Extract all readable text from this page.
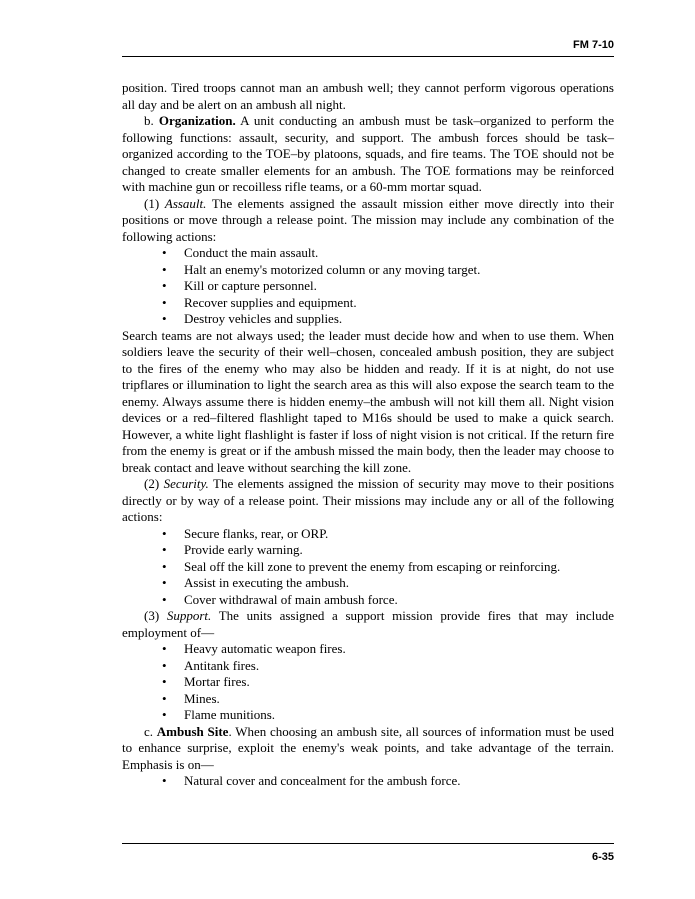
FM 7-10

position. Tired troops cannot man an ambush well; they cannot perform vigorous operations all day and be alert on an ambush all night.

b. Organization. A unit conducting an ambush must be task–organized to perform the following functions: assault, security, and support. The ambush forces should be task–organized according to the TOE–by platoons, squads, and fire teams. The TOE should not be changed to create smaller elements for an ambush. The TOE formations may be reinforced with machine gun or recoilless rifle teams, or a 60-mm mortar squad.

(1) Assault. The elements assigned the assault mission either move directly into their positions or move through a release point. The mission may include any combination of the following actions:

• Conduct the main assault.
• Halt an enemy's motorized column or any moving target.
• Kill or capture personnel.
• Recover supplies and equipment.
• Destroy vehicles and supplies.

Search teams are not always used; the leader must decide how and when to use them. When soldiers leave the security of their well–chosen, concealed ambush position, they are subject to the fires of the enemy who may also be hidden and ready. If it is at night, do not use tripflares or illumination to light the search area as this will also expose the search team to the enemy. Always assume there is hidden enemy–the ambush will not kill them all. Night vision devices or a red–filtered flashlight taped to M16s should be used to make a quick search. However, a white light flashlight is faster if loss of night vision is not critical. If the return fire from the enemy is great or if the ambush missed the main body, then the leader may choose to break contact and leave without searching the kill zone.

(2) Security. The elements assigned the mission of security may move to their positions directly or by way of a release point. Their missions may include any or all of the following actions:

• Secure flanks, rear, or ORP.
• Provide early warning.
• Seal off the kill zone to prevent the enemy from escaping or reinforcing.
• Assist in executing the ambush.
• Cover withdrawal of main ambush force.

(3) Support. The units assigned a support mission provide fires that may include employment of—

• Heavy automatic weapon fires.
• Antitank fires.
• Mortar fires.
• Mines.
• Flame munitions.

c. Ambush Site. When choosing an ambush site, all sources of information must be used to enhance surprise, exploit the enemy's weak points, and take advantage of the terrain. Emphasis is on—

• Natural cover and concealment for the ambush force.
6-35
